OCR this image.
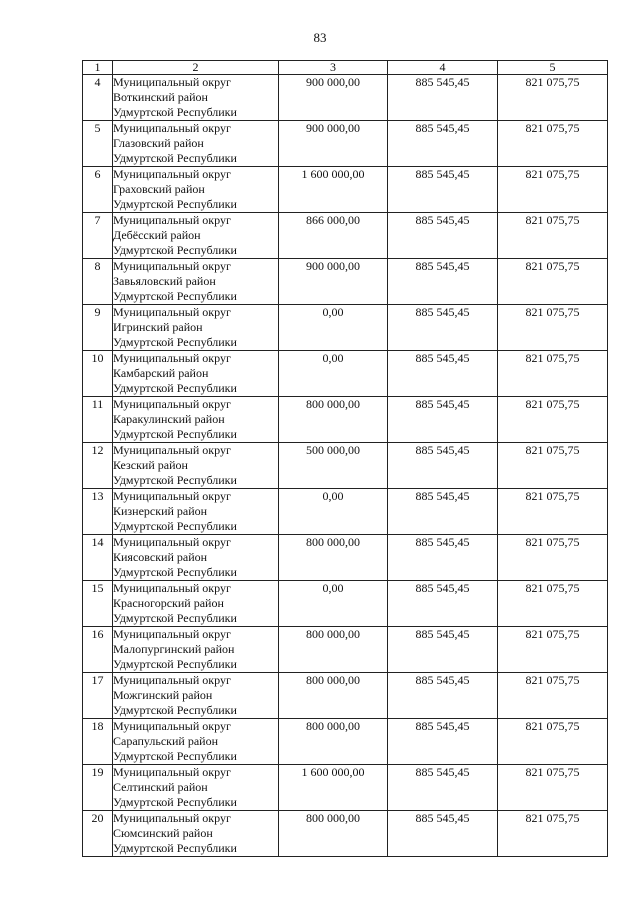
83
1	2	3	4	5
4	Муниципальный округ
Воткинский район
Удмуртской Республики	900 000,00	885 545,45	821 075,75
5	Муниципальный округ
Глазовский район
Удмуртской Республики	900 000,00	885 545,45	821 075,75
6	Муниципальный округ
Граховский район
Удмуртской Республики	1 600 000,00	885 545,45	821 075,75
7	Муниципальный округ
Дебёсский район
Удмуртской Республики	866 000,00	885 545,45	821 075,75
8	Муниципальный округ
Завьяловский район
Удмуртской Республики	900 000,00	885 545,45	821 075,75
9	Муниципальный округ
Игринский район
Удмуртской Республики	0,00	885 545,45	821 075,75
10	Муниципальный округ
Камбарский район
Удмуртской Республики	0,00	885 545,45	821 075,75
11	Муниципальный округ
Каракулинский район
Удмуртской Республики	800 000,00	885 545,45	821 075,75
12	Муниципальный округ
Кезский район
Удмуртской Республики	500 000,00	885 545,45	821 075,75
13	Муниципальный округ
Кизнерский район
Удмуртской Республики	0,00	885 545,45	821 075,75
14	Муниципальный округ
Киясовский район
Удмуртской Республики	800 000,00	885 545,45	821 075,75
15	Муниципальный округ
Красногорский район
Удмуртской Республики	0,00	885 545,45	821 075,75
16	Муниципальный округ
Малопургинский район
Удмуртской Республики	800 000,00	885 545,45	821 075,75
17	Муниципальный округ
Можгинский район
Удмуртской Республики	800 000,00	885 545,45	821 075,75
18	Муниципальный округ
Сарапульский район
Удмуртской Республики	800 000,00	885 545,45	821 075,75
19	Муниципальный округ
Селтинский район
Удмуртской Республики	1 600 000,00	885 545,45	821 075,75
20	Муниципальный округ
Сюмсинский район
Удмуртской Республики	800 000,00	885 545,45	821 075,75
